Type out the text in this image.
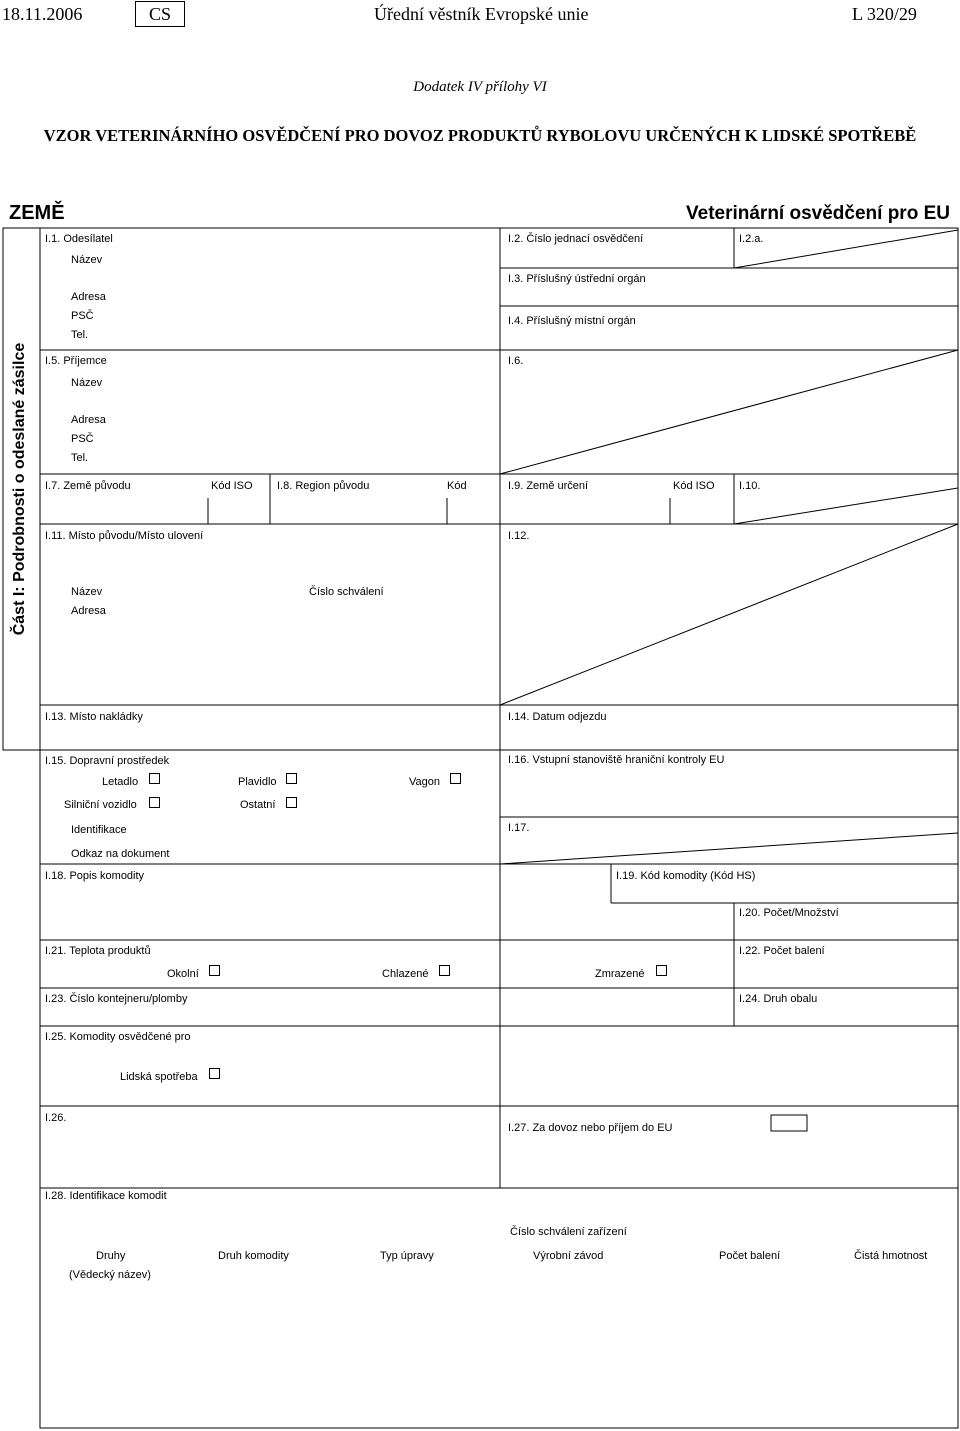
18.11.2006	CS	Úřední věstník Evropské unie	L 320/29
Dodatek IV přílohy VI
VZOR VETERINÁRNÍHO OSVĚDČENÍ PRO DOVOZ PRODUKTŮ RYBOLOVU URČENÝCH K LIDSKÉ SPOTŘEBĚ
ZEMĚ	Veterinární osvědčení pro EU
Část I: Podrobnosti o odeslané zásilce
I.1. Odesílatel
Název
Adresa
PSČ
Tel.
I.2. Číslo jednací osvědčení	I.2.a.
I.3. Příslušný ústřední orgán
I.4. Příslušný místní orgán
I.5. Příjemce
Název
Adresa
PSČ
Tel.
I.6.
I.7. Země původu	Kód ISO I.8. Region původu	Kód	I.9. Země určení	Kód ISO I.10.
I.11. Místo původu/Místo ulovení
Název	Číslo schválení
Adresa
I.12.
I.13. Místo nakládky	I.14. Datum odjezdu
I.15. Dopravní prostředek
Letadlo	Plavidlo	Vagon
Silniční vozidlo	Ostatní
Identifikace
Odkaz na dokument
I.16. Vstupní stanoviště hraniční kontroly EU
I.17.
I.18. Popis komodity	I.19. Kód komodity (Kód HS)
I.20. Počet/Množství
I.21. Teplota produktů
Okolní	Chlazené	Zmrazené
I.22. Počet balení
I.23. Číslo kontejneru/plomby	I.24. Druh obalu
I.25. Komodity osvědčené pro
Lidská spotřeba
I.26.
I.27. Za dovoz nebo příjem do EU
I.28. Identifikace komodit
Číslo schválení zařízení
Druhy
(Vědecký název)
Druh komodity	Typ úpravy	Výrobní závod	Počet balení	Čistá hmotnost
